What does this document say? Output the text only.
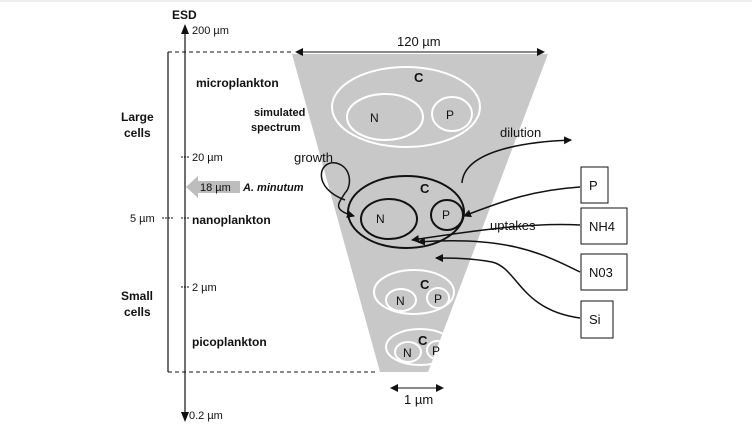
ESD
200 µm
20 µm
5 µm
2 µm
0.2 µm
Large
cells
Small
cells
microplankton
nanoplankton
picoplankton
18 µm A. minutum
120 µm
1 µm
simulated
spectrum
C
N	P
C
N	P
C
N P
C
N P
growth
dilution
uptakes
P
NH4
N03
Si
